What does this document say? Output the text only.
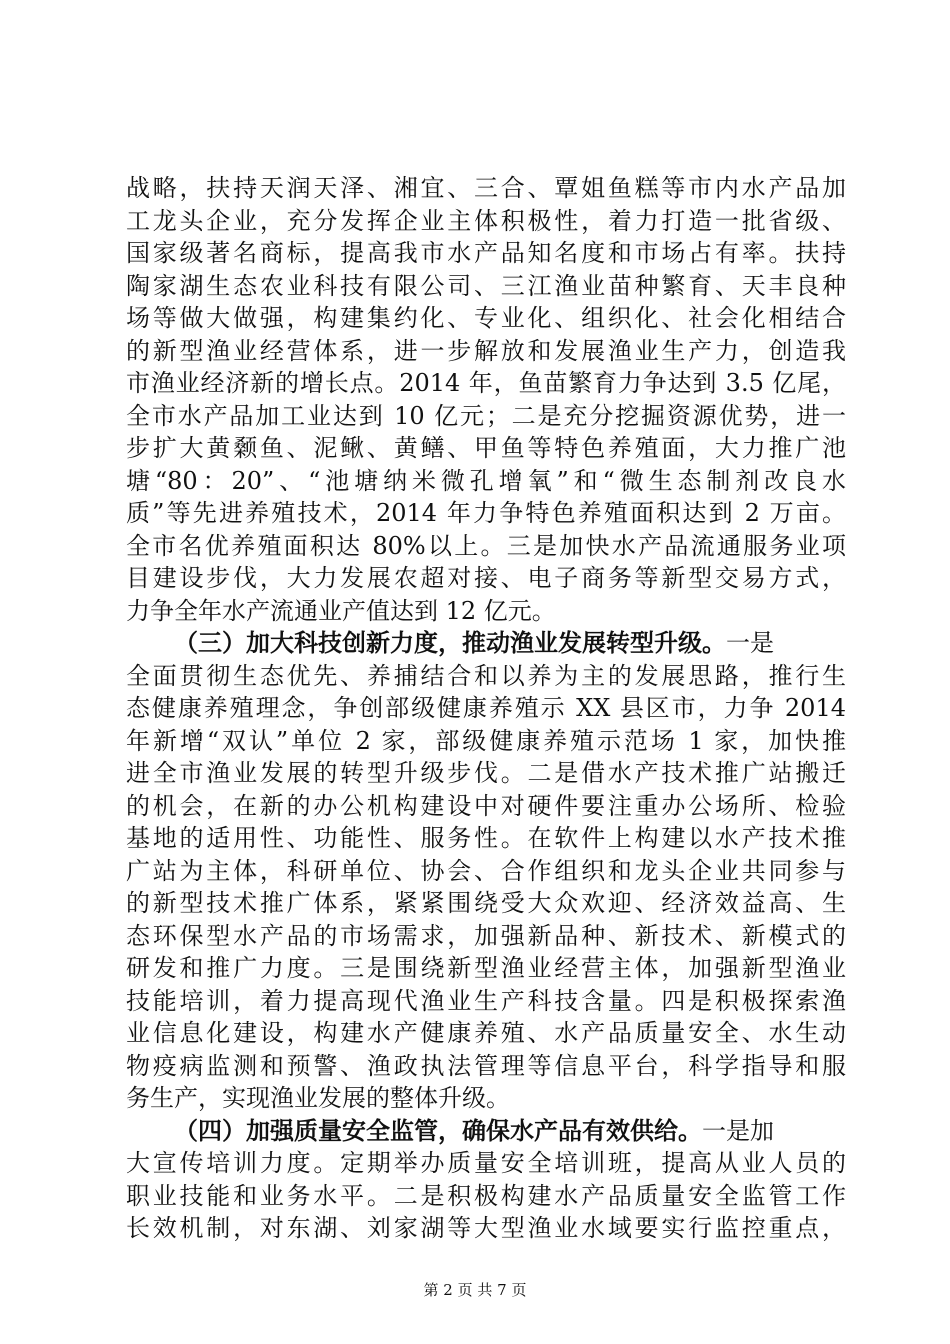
战略，扶持天润天泽、湘宜、三合、覃姐鱼糕等市内水产品加
工龙头企业，充分发挥企业主体积极性，着力打造一批省级、
国家级著名商标，提高我市水产品知名度和市场占有率。扶持
陶家湖生态农业科技有限公司、三江渔业苗种繁育、天丰良种
场等做大做强，构建集约化、专业化、组织化、社会化相结合
的新型渔业经营体系，进一步解放和发展渔业生产力，创造我
市渔业经济新的增长点。2014 年，鱼苗繁育力争达到 3.5 亿尾，
全市水产品加工业达到 10 亿元；二是充分挖掘资源优势，进一
步扩大黄颡鱼、泥鳅、黄鳝、甲鱼等特色养殖面，大力推广池
塘“80：20”、“池塘纳米微孔增氧”和“微生态制剂改良水
质”等先进养殖技术，2014 年力争特色养殖面积达到 2 万亩。
全市名优养殖面积达 80%以上。三是加快水产品流通服务业项
目建设步伐，大力发展农超对接、电子商务等新型交易方式，
力争全年水产流通业产值达到 12 亿元。
（三）加大科技创新力度，推动渔业发展转型升级。一是
全面贯彻生态优先、养捕结合和以养为主的发展思路，推行生
态健康养殖理念，争创部级健康养殖示 XX 县区市，力争 2014
年新增“双认”单位 2 家，部级健康养殖示范场 1 家，加快推
进全市渔业发展的转型升级步伐。二是借水产技术推广站搬迁
的机会，在新的办公机构建设中对硬件要注重办公场所、检验
基地的适用性、功能性、服务性。在软件上构建以水产技术推
广站为主体，科研单位、协会、合作组织和龙头企业共同参与
的新型技术推广体系，紧紧围绕受大众欢迎、经济效益高、生
态环保型水产品的市场需求，加强新品种、新技术、新模式的
研发和推广力度。三是围绕新型渔业经营主体，加强新型渔业
技能培训，着力提高现代渔业生产科技含量。四是积极探索渔
业信息化建设，构建水产健康养殖、水产品质量安全、水生动
物疫病监测和预警、渔政执法管理等信息平台，科学指导和服
务生产，实现渔业发展的整体升级。
（四）加强质量安全监管，确保水产品有效供给。一是加
大宣传培训力度。定期举办质量安全培训班，提高从业人员的
职业技能和业务水平。二是积极构建水产品质量安全监管工作
长效机制，对东湖、刘家湖等大型渔业水域要实行监控重点，
第 2 页 共 7 页
